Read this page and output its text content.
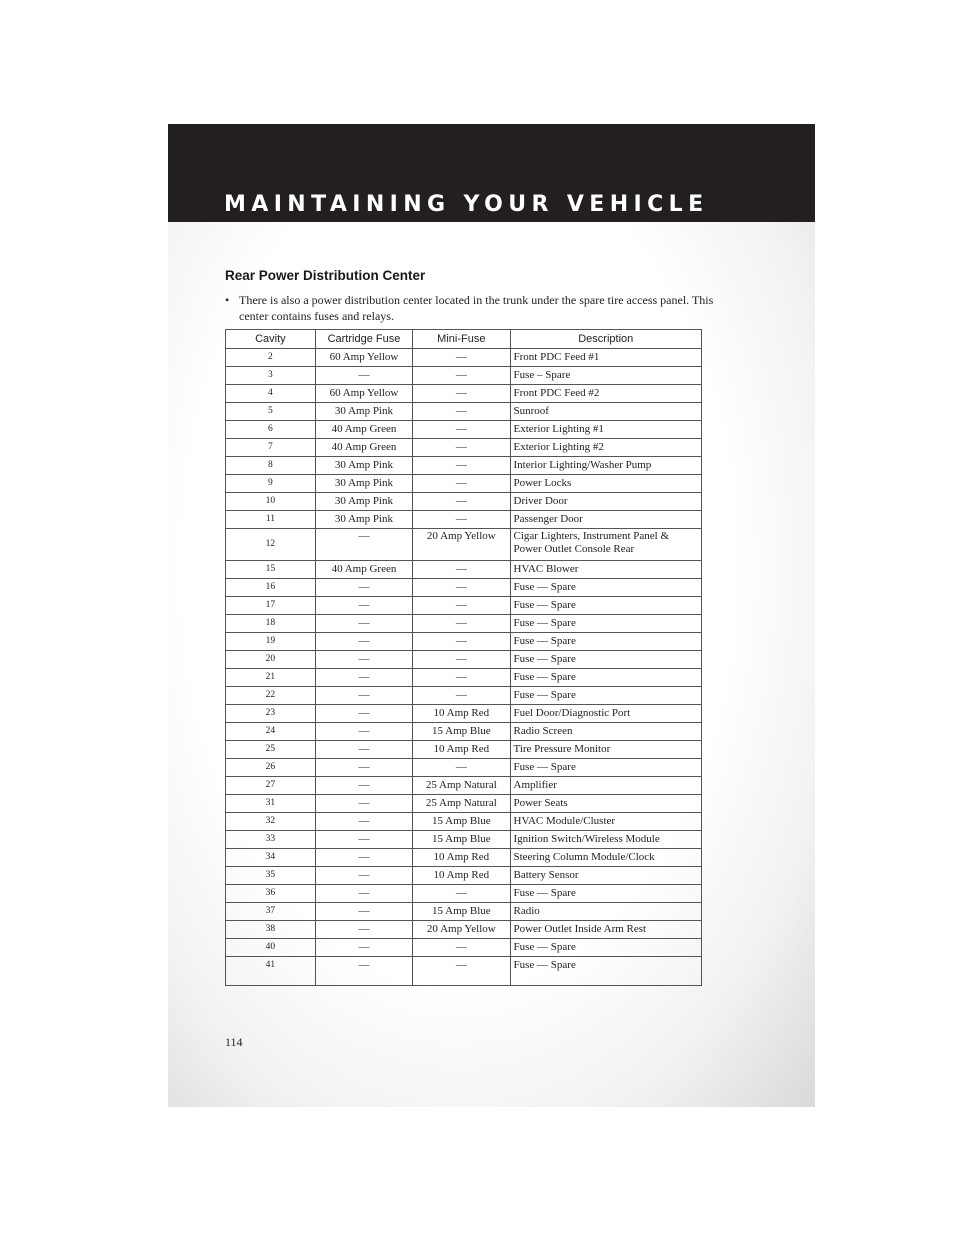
MAINTAINING YOUR VEHICLE
Rear Power Distribution Center
• There is also a power distribution center located in the trunk under the spare tire access panel. This center contains fuses and relays.
Cavity	Cartridge Fuse	Mini-Fuse	Description
2	60 Amp Yellow	—	Front PDC Feed #1
3	—	—	Fuse – Spare
4	60 Amp Yellow	—	Front PDC Feed #2
5	30 Amp Pink	—	Sunroof
6	40 Amp Green	—	Exterior Lighting #1
7	40 Amp Green	—	Exterior Lighting #2
8	30 Amp Pink	—	Interior Lighting/Washer Pump
9	30 Amp Pink	—	Power Locks
10	30 Amp Pink	—	Driver Door
11	30 Amp Pink	—	Passenger Door
12	—	20 Amp Yellow	Cigar Lighters, Instrument Panel & Power Outlet Console Rear
15	40 Amp Green	—	HVAC Blower
16	—	—	Fuse — Spare
17	—	—	Fuse — Spare
18	—	—	Fuse — Spare
19	—	—	Fuse — Spare
20	—	—	Fuse — Spare
21	—	—	Fuse — Spare
22	—	—	Fuse — Spare
23	—	10 Amp Red	Fuel Door/Diagnostic Port
24	—	15 Amp Blue	Radio Screen
25	—	10 Amp Red	Tire Pressure Monitor
26	—	—	Fuse — Spare
27	—	25 Amp Natural	Amplifier
31	—	25 Amp Natural	Power Seats
32	—	15 Amp Blue	HVAC Module/Cluster
33	—	15 Amp Blue	Ignition Switch/Wireless Module
34	—	10 Amp Red	Steering Column Module/Clock
35	—	10 Amp Red	Battery Sensor
36	—	—	Fuse — Spare
37	—	15 Amp Blue	Radio
38	—	20 Amp Yellow	Power Outlet Inside Arm Rest
40	—	—	Fuse — Spare
41	—	—	Fuse — Spare
114
